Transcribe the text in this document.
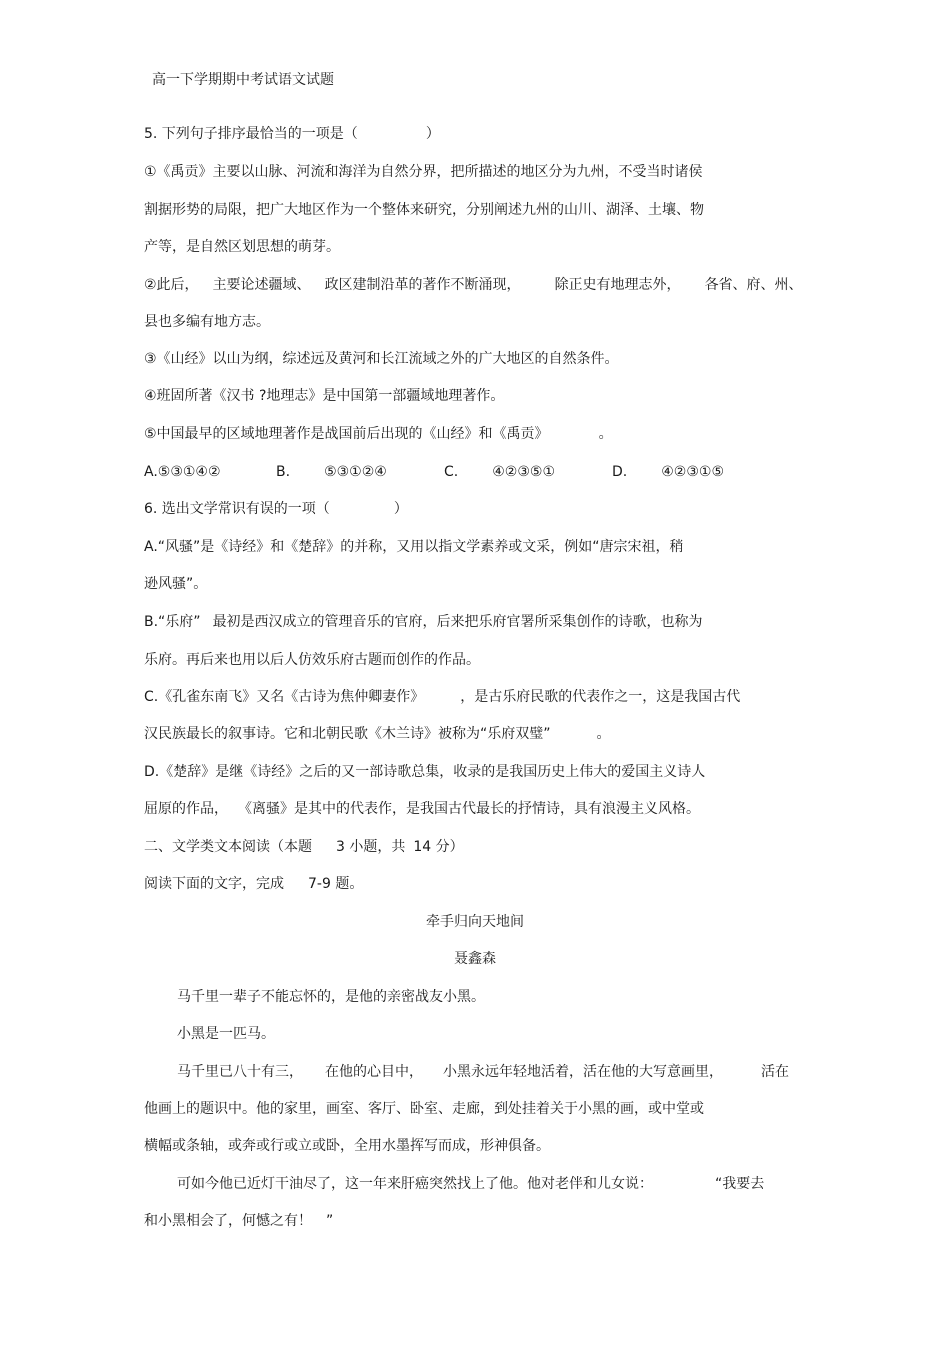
高一下学期期中考试语文试题
5. 下列句子排序最恰当的一项是（	）
①《禹贡》主要以山脉、河流和海洋为自然分界，把所描述的地区分为九州，不受当时诸侯
割据形势的局限，把广大地区作为一个整体来研究，分别阐述九州的山川、湖泽、土壤、物
产等，是自然区划思想的萌芽。
②此后， 主要论述疆域、 政区建制沿革的著作不断涌现， 除正史有地理志外， 各省、府、州、
县也多编有地方志。
③《山经》以山为纲，综述远及黄河和长江流域之外的广大地区的自然条件。
④班固所著《汉书 ?地理志》是中国第一部疆域地理著作。
⑤中国最早的区域地理著作是战国前后出现的《山经》和《禹贡》	。
A.⑤③①④②	B. ⑤③①②④	C. ④②③⑤①	D. ④②③①⑤
6. 选出文学常识有误的一项（	）
A.“风骚”是《诗经》和《楚辞》的并称，又用以指文学素养或文采，例如“唐宗宋祖，稍
逊风骚”。
B.“乐府” 最初是西汉成立的管理音乐的官府，后来把乐府官署所采集创作的诗歌，也称为
乐府。再后来也用以后人仿效乐府古题而创作的作品。
C.《孔雀东南飞》又名《古诗为焦仲卿妻作》	，是古乐府民歌的代表作之一，这是我国古代
汉民族最长的叙事诗。它和北朝民歌《木兰诗》被称为“乐府双璧”	。
D.《楚辞》是继《诗经》之后的又一部诗歌总集，收录的是我国历史上伟大的爱国主义诗人
屈原的作品， 《离骚》是其中的代表作，是我国古代最长的抒情诗，具有浪漫主义风格。
二、文学类文本阅读（本题 3 小题，共 14 分）
阅读下面的文字，完成 7-9 题。
牵手归向天地间
聂鑫森
马千里一辈子不能忘怀的，是他的亲密战友小黑。
小黑是一匹马。
马千里已八十有三， 在他的心目中， 小黑永远年轻地活着，活在他的大写意画里，	活在
他画上的题识中。他的家里，画室、客厅、卧室、走廊，到处挂着关于小黑的画，或中堂或
横幅或条轴，或奔或行或立或卧，全用水墨挥写而成，形神俱备。
可如今他已近灯干油尽了，这一年来肝癌突然找上了他。他对老伴和儿女说：	“我要去
和小黑相会了，何憾之有！　”
